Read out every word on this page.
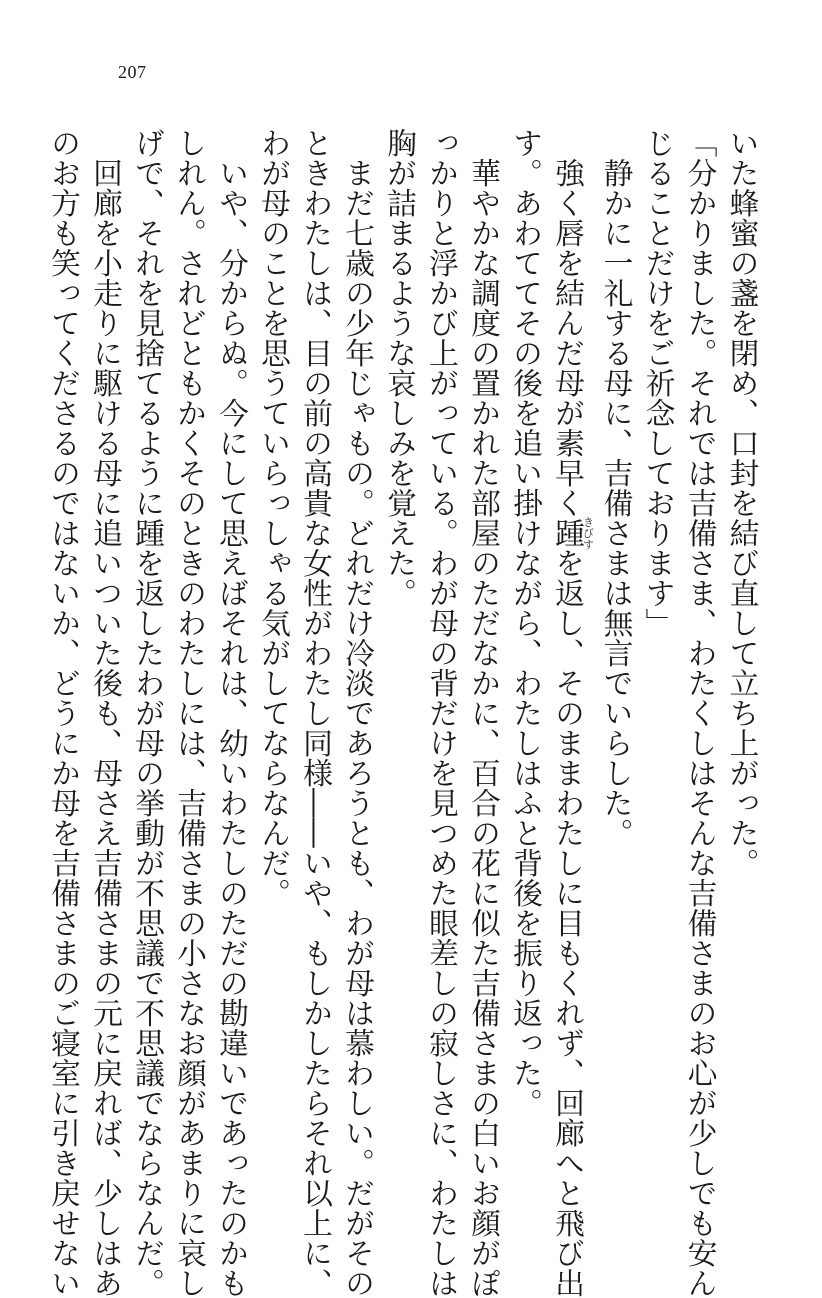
207
いた蜂蜜の盞を閉め、口封を結び直して立ち上がった。
「分かりました。それでは吉備さま、わたくしはそんな吉備さまのお心が少しでも安ん
じることだけをご祈念しております」
　静かに一礼する母に、吉備さまは無言でいらした。
　強く唇を結んだ母が素早く踵きびすを返し、そのままわたしに目もくれず、回廊へと飛び出
す。あわててその後を追い掛けながら、わたしはふと背後を振り返った。
　華やかな調度の置かれた部屋のただなかに、百合の花に似た吉備さまの白いお顔がぽ
っかりと浮かび上がっている。わが母の背だけを見つめた眼差しの寂しさに、わたしは
胸が詰まるような哀しみを覚えた。
　まだ七歳の少年じゃもの。どれだけ冷淡であろうとも、わが母は慕わしい。だがその
ときわたしは、目の前の高貴な女性がわたし同様――いや、もしかしたらそれ以上に、
わが母のことを思うていらっしゃる気がしてならなんだ。
　いや、分からぬ。今にして思えばそれは、幼いわたしのただの勘違いであったのかも
しれん。されどともかくそのときのわたしには、吉備さまの小さなお顔があまりに哀し
げで、それを見捨てるように踵を返したわが母の挙動が不思議で不思議でならなんだ。
　回廊を小走りに駆ける母に追いついた後も、母さえ吉備さまの元に戻れば、少しはあ
のお方も笑ってくださるのではないか、どうにか母を吉備さまのご寝室に引き戻せない
